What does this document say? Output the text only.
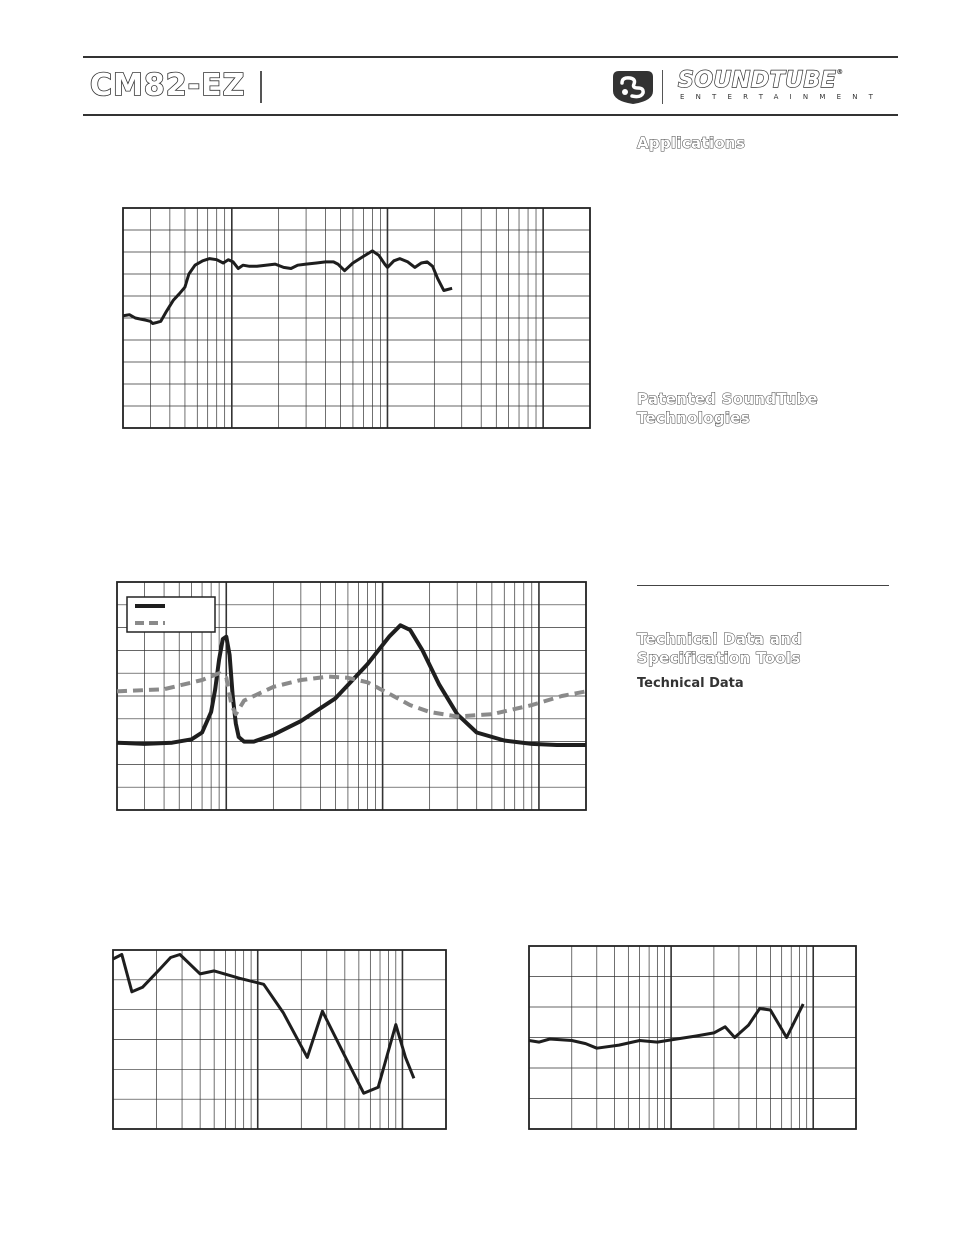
CM82-EZ	SOUNDTUBE®
ENTERTAINMENT
Applications
Patented SoundTube
Technologies
Technical Data and
Specification Tools
Technical Data
